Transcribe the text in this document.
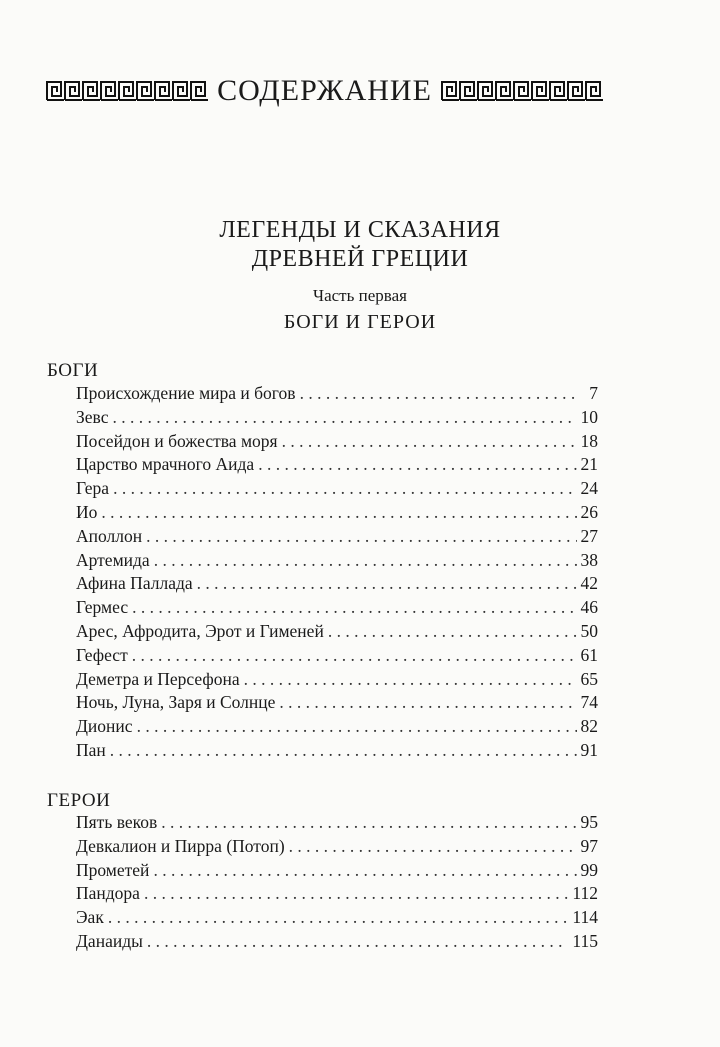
СОДЕРЖАНИЕ
ЛЕГЕНДЫ И СКАЗАНИЯ
ДРЕВНЕЙ ГРЕЦИИ
Часть первая
БОГИ И ГЕРОИ
БОГИ
Происхождение мира и богов . . .	7
Зевс . . .	10
Посейдон и божества моря . . .	18
Царство мрачного Аида . . .	21
Гера . . .	24
Ио . . .	26
Аполлон . . .	27
Артемида . . .	38
Афина Паллада . . .	42
Гермес . . .	46
Арес, Афродита, Эрот и Гименей . . .	50
Гефест . . .	61
Деметра и Персефона . . .	65
Ночь, Луна, Заря и Солнце . . .	74
Дионис . . .	82
Пан . . .	91
ГЕРОИ
Пять веков . . .	95
Девкалион и Пирра (Потоп) . . .	97
Прометей . . .	99
Пандора . . .	112
Эак . . .	114
Данаиды . . .	115
